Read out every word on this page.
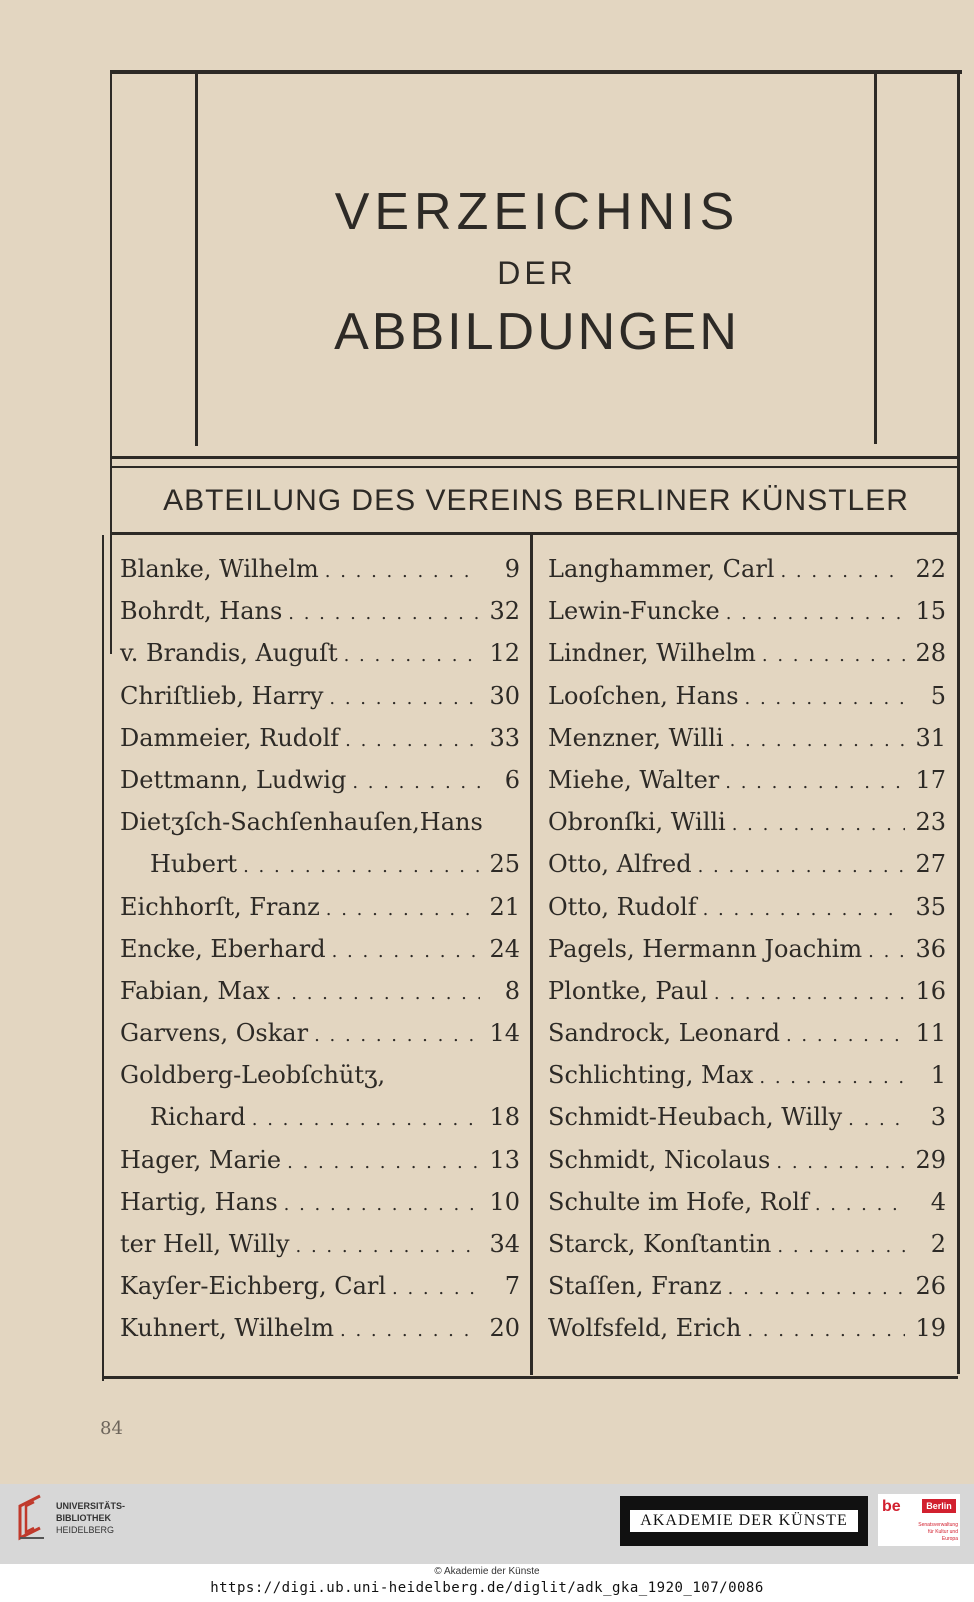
VERZEICHNIS
DER
ABBILDUNGEN
ABTEILUNG DES VEREINS BERLINER KÜNSTLER
Blanke, Wilhelm . . .	9
Bohrdt, Hans . . .	32
v. Brandis, Auguſt . . .	12
Chriſtlieb, Harry . . .	30
Dammeier, Rudolf . . .	33
Dettmann, Ludwig . . .	6
Dietʒſch-Sachſenhauſen,Hans
Hubert . . .	25
Eichhorſt, Franz . . .	21
Encke, Eberhard . . .	24
Fabian, Max . . .	8
Garvens, Oskar . . .	14
Goldberg-Leobſchütʒ,
Richard . . .	18
Hager, Marie . . .	13
Hartig, Hans . . .	10
ter Hell, Willy . . .	34
Kayſer-Eichberg, Carl . . .	7
Kuhnert, Wilhelm . . .	20
Langhammer, Carl . . .	22
Lewin-Funcke . . .	15
Lindner, Wilhelm . . .	28
Looſchen, Hans . . .	5
Menzner, Willi . . .	31
Miehe, Walter . . .	17
Obronſki, Willi . . .	23
Otto, Alfred . . .	27
Otto, Rudolf . . .	35
Pagels, Hermann Joachim . . . 36
Plontke, Paul . . .	16
Sandrock, Leonard . . .	11
Schlichting, Max . . .	1
Schmidt-Heubach, Willy . . .	3
Schmidt, Nicolaus . . .	29
Schulte im Hofe, Rolf . . .	4
Starck, Konſtantin . . .	2
Staſſen, Franz . . .	26
Wolfsfeld, Erich . . .	19
84
UNIVERSITÄTS-
BIBLIOTHEK
HEIDELBERG
AKADEMIE DER KÜNSTE
be	Berlin
Senatsverwaltung für Kultur und Europa
© Akademie der Künste
https://digi.ub.uni-heidelberg.de/diglit/adk_gka_1920_107/0086
